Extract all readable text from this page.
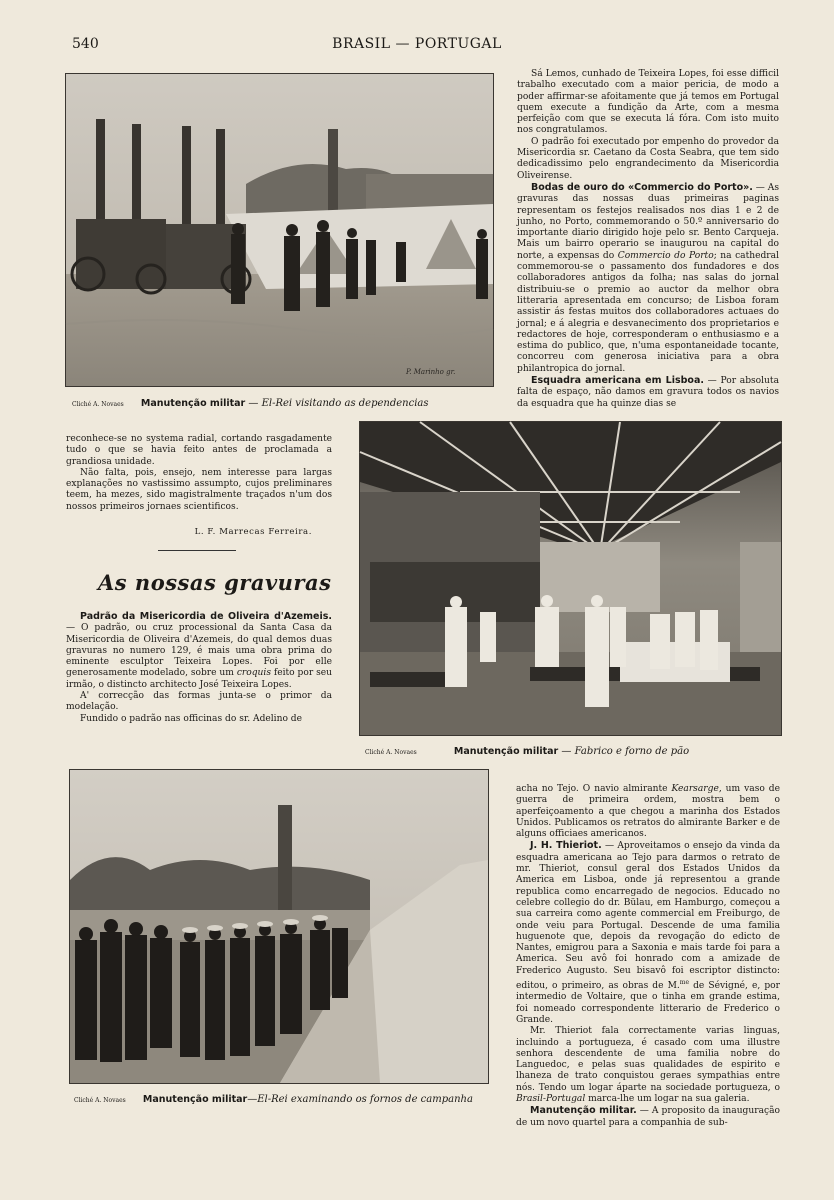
540	BRASIL — PORTUGAL
P. Marinho gr.
Cliché A. Novaes Manutenção militar — El-Rei visitando as dependencias

Sá Lemos, cunhado de Teixeira Lopes, foi esse difficil trabalho executado com a maior pericia, de modo a poder affirmar-se afoitamente que já temos em Portugal quem execute a fundição da Arte, com a mesma perfeição com que se executa lá fóra. Com isto muito nos congratulamos.

O padrão foi executado por empenho do provedor da Misericordia sr. Caetano da Costa Seabra, que tem sido dedicadissimo pelo engrandecimento da Misericordia Oliveirense.

Bodas de ouro do «Commercio do Porto». — As gravuras das nossas duas primeiras paginas representam os festejos realisados nos dias 1 e 2 de junho, no Porto, commemorando o 50.º anniversario do importante diario dirigido hoje pelo sr. Bento Carqueja. Mais um bairro operario se inaugurou na capital do norte, a expensas do Commercio do Porto; na cathedral commemorou-se o passamento dos fundadores e dos collaboradores antigos da folha; nas salas do jornal distribuiu-se o premio ao auctor da melhor obra litteraria apresentada em concurso; de Lisboa foram assistir ás festas muitos dos collaboradores actuaes do jornal; e á alegria e desvanecimento dos proprietarios e redactores de hoje, corresponderam o enthusiasmo e a estima do publico, que, n'uma espontaneidade tocante, concorreu com generosa iniciativa para a obra philantropica do jornal.

Esquadra americana em Lisboa. — Por absoluta falta de espaço, não damos em gravura todos os navios da esquadra que ha quinze dias se

reconhece-se no systema radial, cortando rasgadamente tudo o que se havia feito antes de proclamada a grandiosa unidade.

Não falta, pois, ensejo, nem interesse para largas explanações no vastissimo assumpto, cujos preliminares teem, ha mezes, sido magistralmente traçados n'um dos nossos primeiros jornaes scientificos.

L. F. Marrecas Ferreira.
As nossas gravuras

Padrão da Misericordia de Oliveira d'Azemeis. — O padrão, ou cruz processional da Santa Casa da Misericordia de Oliveira d'Azemeis, do qual demos duas gravuras no numero 129, é mais uma obra prima do eminente esculptor Teixeira Lopes. Foi por elle generosamente modelado, sobre um croquis feito por seu irmão, o distincto architecto José Teixeira Lopes.

A' correcção das formas junta-se o primor da modelação.

Fundido o padrão nas officinas do sr. Adelino de

Cliché A. Novaes	Manutenção militar — Fabrico e forno de pão
Cliché A. Novaes Manutenção militar—El-Rei examinando os fornos de campanha

acha no Tejo. O navio almirante Kearsarge, um vaso de guerra de primeira ordem, mostra bem o aperfeiçoamento a que chegou a marinha dos Estados Unidos. Publicamos os retratos do almirante Barker e de alguns officiaes americanos.

J. H. Thieriot. — Aproveitamos o ensejo da vinda da esquadra americana ao Tejo para darmos o retrato de mr. Thieriot, consul geral dos Estados Unidos da America em Lisboa, onde já representou a grande republica como encarregado de negocios. Educado no celebre collegio do dr. Bülau, em Hamburgo, começou a sua carreira como agente commercial em Freiburgo, de onde veiu para Portugal. Descende de uma familia huguenote que, depois da revogação do edicto de Nantes, emigrou para a Saxonia e mais tarde foi para a America. Seu avô foi honrado com a amizade de Frederico Augusto. Seu bisavô foi escriptor distincto: editou, o primeiro, as obras de M.$^{me}$ de Sévigné, e, por intermedio de Voltaire, que o tinha em grande estima, foi nomeado correspondente litterario de Frederico o Grande.

Mr. Thieriot fala correctamente varias linguas, incluindo a portugueza, é casado com uma illustre senhora descendente de uma familia nobre do Languedoc, e pelas suas qualidades de espirito e lhaneza de trato conquistou geraes sympathias entre nós. Tendo um logar áparte na sociedade portugueza, o Brasil-Portugal marca-lhe um logar na sua galeria.

Manutenção militar. — A proposito da inauguração de um novo quartel para a companhia de sub-
